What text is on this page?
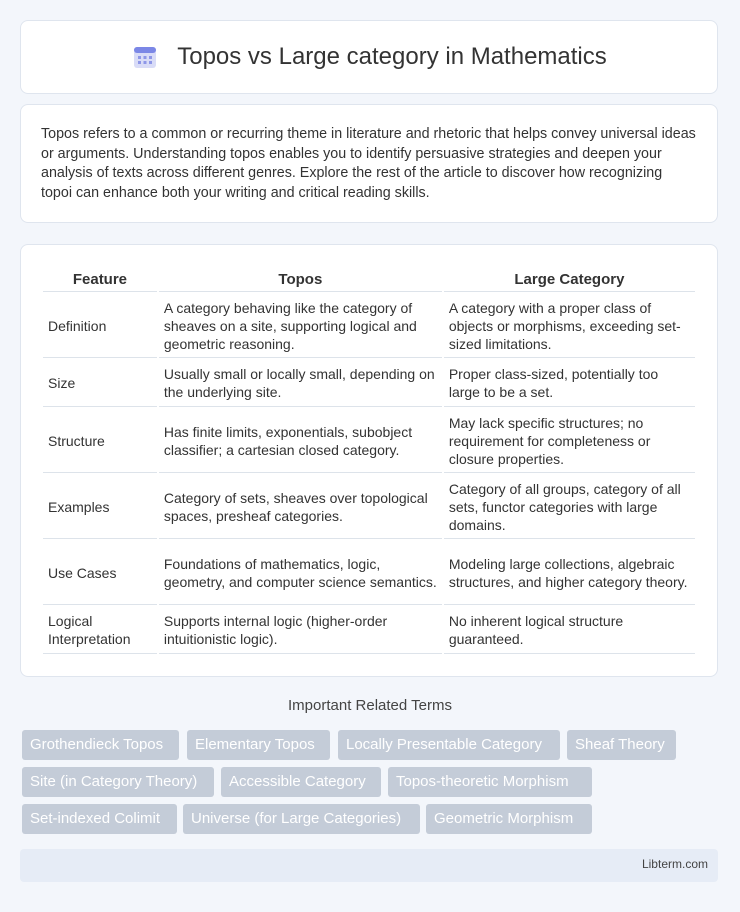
Topos vs Large category in Mathematics

Topos refers to a common or recurring theme in literature and rhetoric that helps convey universal ideas or arguments. Understanding topos enables you to identify persuasive strategies and deepen your analysis of texts across different genres. Explore the rest of the article to discover how recognizing topoi can enhance both your writing and critical reading skills.

Feature	Topos	Large Category
Definition	A category behaving like the category of sheaves on a site, supporting logical and geometric reasoning.	A category with a proper class of objects or morphisms, exceeding set-sized limitations.
Size	Usually small or locally small, depending on the underlying site.	Proper class-sized, potentially too large to be a set.
Structure	Has finite limits, exponentials, subobject classifier; a cartesian closed category.	May lack specific structures; no requirement for completeness or closure properties.
Examples	Category of sets, sheaves over topological spaces, presheaf categories.	Category of all groups, category of all sets, functor categories with large domains.
Use Cases	Foundations of mathematics, logic, geometry, and computer science semantics.	Modeling large collections, algebraic structures, and higher category theory.
Logical Interpretation	Supports internal logic (higher-order intuitionistic logic).	No inherent logical structure guaranteed.
Important Related Terms
Grothendieck Topos	Elementary Topos	Locally Presentable Category	Sheaf Theory
Site (in Category Theory)	Accessible Category	Topos-theoretic Morphism
Set-indexed Colimit	Universe (for Large Categories)	Geometric Morphism
Libterm.com
